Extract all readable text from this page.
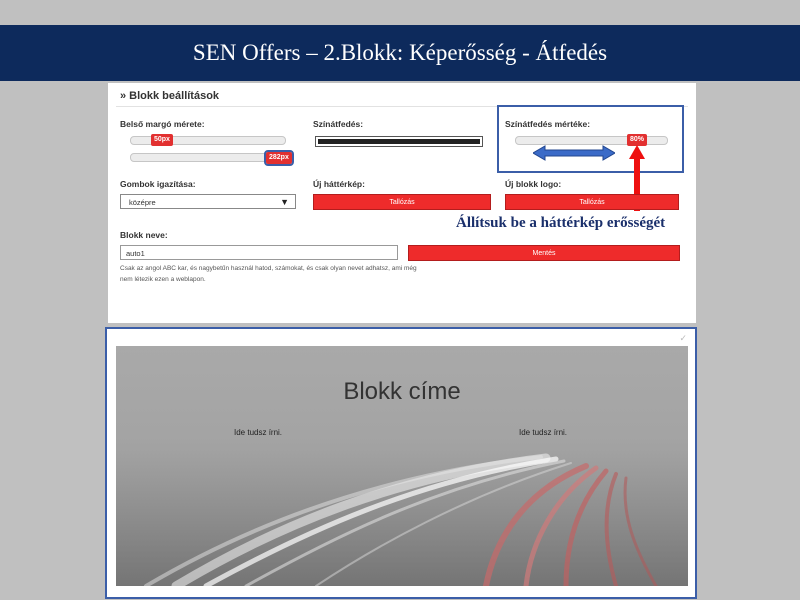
SEN Offers – 2.Blokk: Képerősség - Átfedés
» Blokk beállítások
Belső margó mérete:
50px
282px
Színátfedés:	Színátfedés mértéke:
80%
Gombok igazítása:
középre	▼
Új háttérkép:
Tallózás
Új blokk logo:
Tallózás
Blokk neve:
auto1	Mentés
Csak az angol ABC kar, és nagybetűn használ hatod, számokat, és csak olyan nevet adhatsz, ami még nem létezik ezen a weblapon.
Állítsuk be a háttérkép erősségét
✓
Blokk címe
Ide tudsz írni.	Ide tudsz írni.
